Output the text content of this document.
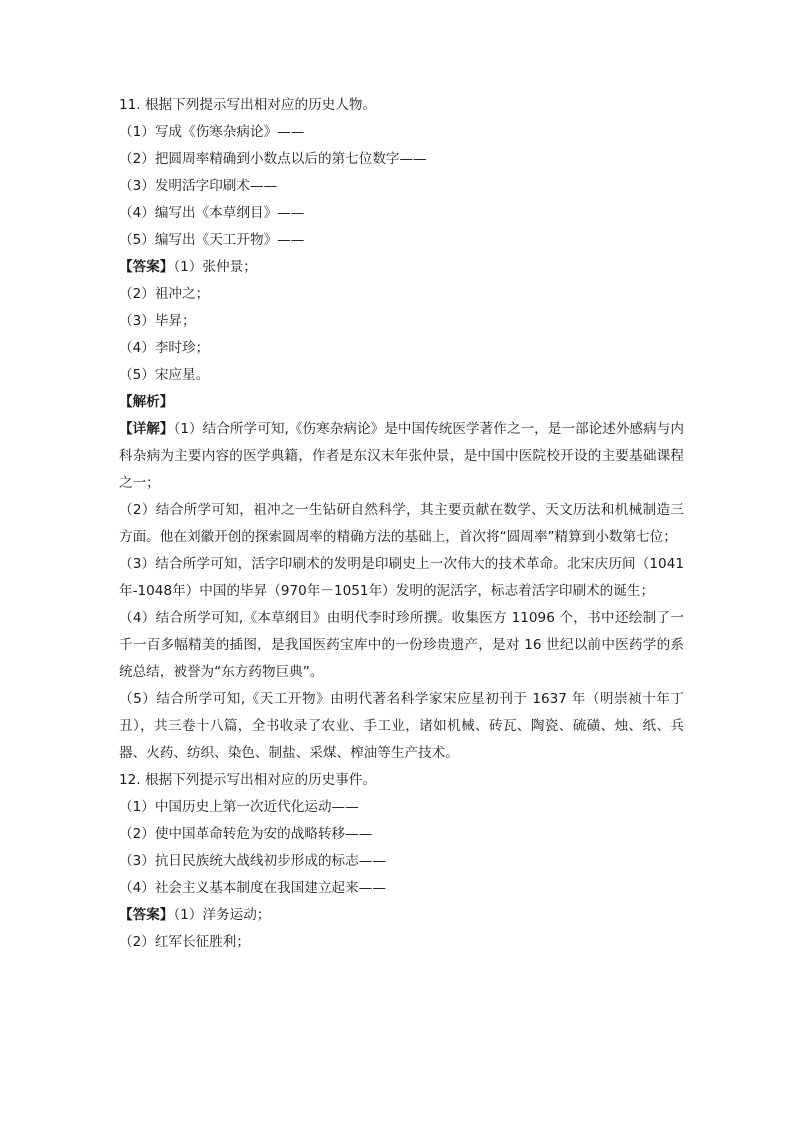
11. 根据下列提示写出相对应的历史人物。
（1）写成《伤寒杂病论》——
（2）把圆周率精确到小数点以后的第七位数字——
（3）发明活字印刷术——
（4）编写出《本草纲目》——
（5）编写出《天工开物》——
【答案】（1）张仲景；
（2）祖冲之；
（3）毕昇；
（4）李时珍；
（5）宋应星。
【解析】
【详解】（1）结合所学可知,《伤寒杂病论》是中国传统医学著作之一，是一部论述外感病与内科杂病为主要内容的医学典籍，作者是东汉末年张仲景，是中国中医院校开设的主要基础课程之一；
（2）结合所学可知，祖冲之一生钻研自然科学，其主要贡献在数学、天文历法和机械制造三方面。他在刘徽开创的探索圆周率的精确方法的基础上，首次将“圆周率”精算到小数第七位；
（3）结合所学可知，活字印刷术的发明是印刷史上一次伟大的技术革命。北宋庆历间（1041年-1048年）中国的毕昇（970年－1051年）发明的泥活字，标志着活字印刷术的诞生；
（4）结合所学可知,《本草纲目》由明代李时珍所撰。收集医方 11096 个，书中还绘制了一千一百多幅精美的插图，是我国医药宝库中的一份珍贵遗产，是对 16 世纪以前中医药学的系统总结，被誉为“东方药物巨典”。
（5）结合所学可知,《天工开物》由明代著名科学家宋应星初刊于 1637 年（明崇祯十年丁丑），共三卷十八篇，全书收录了农业、手工业，诸如机械、砖瓦、陶瓷、硫磺、烛、纸、兵器、火药、纺织、染色、制盐、采煤、榨油等生产技术。
12. 根据下列提示写出相对应的历史事件。
（1）中国历史上第一次近代化运动——
（2）使中国革命转危为安的战略转移——
（3）抗日民族统大战线初步形成的标志——
（4）社会主义基本制度在我国建立起来——
【答案】（1）洋务运动；
（2）红军长征胜利；
